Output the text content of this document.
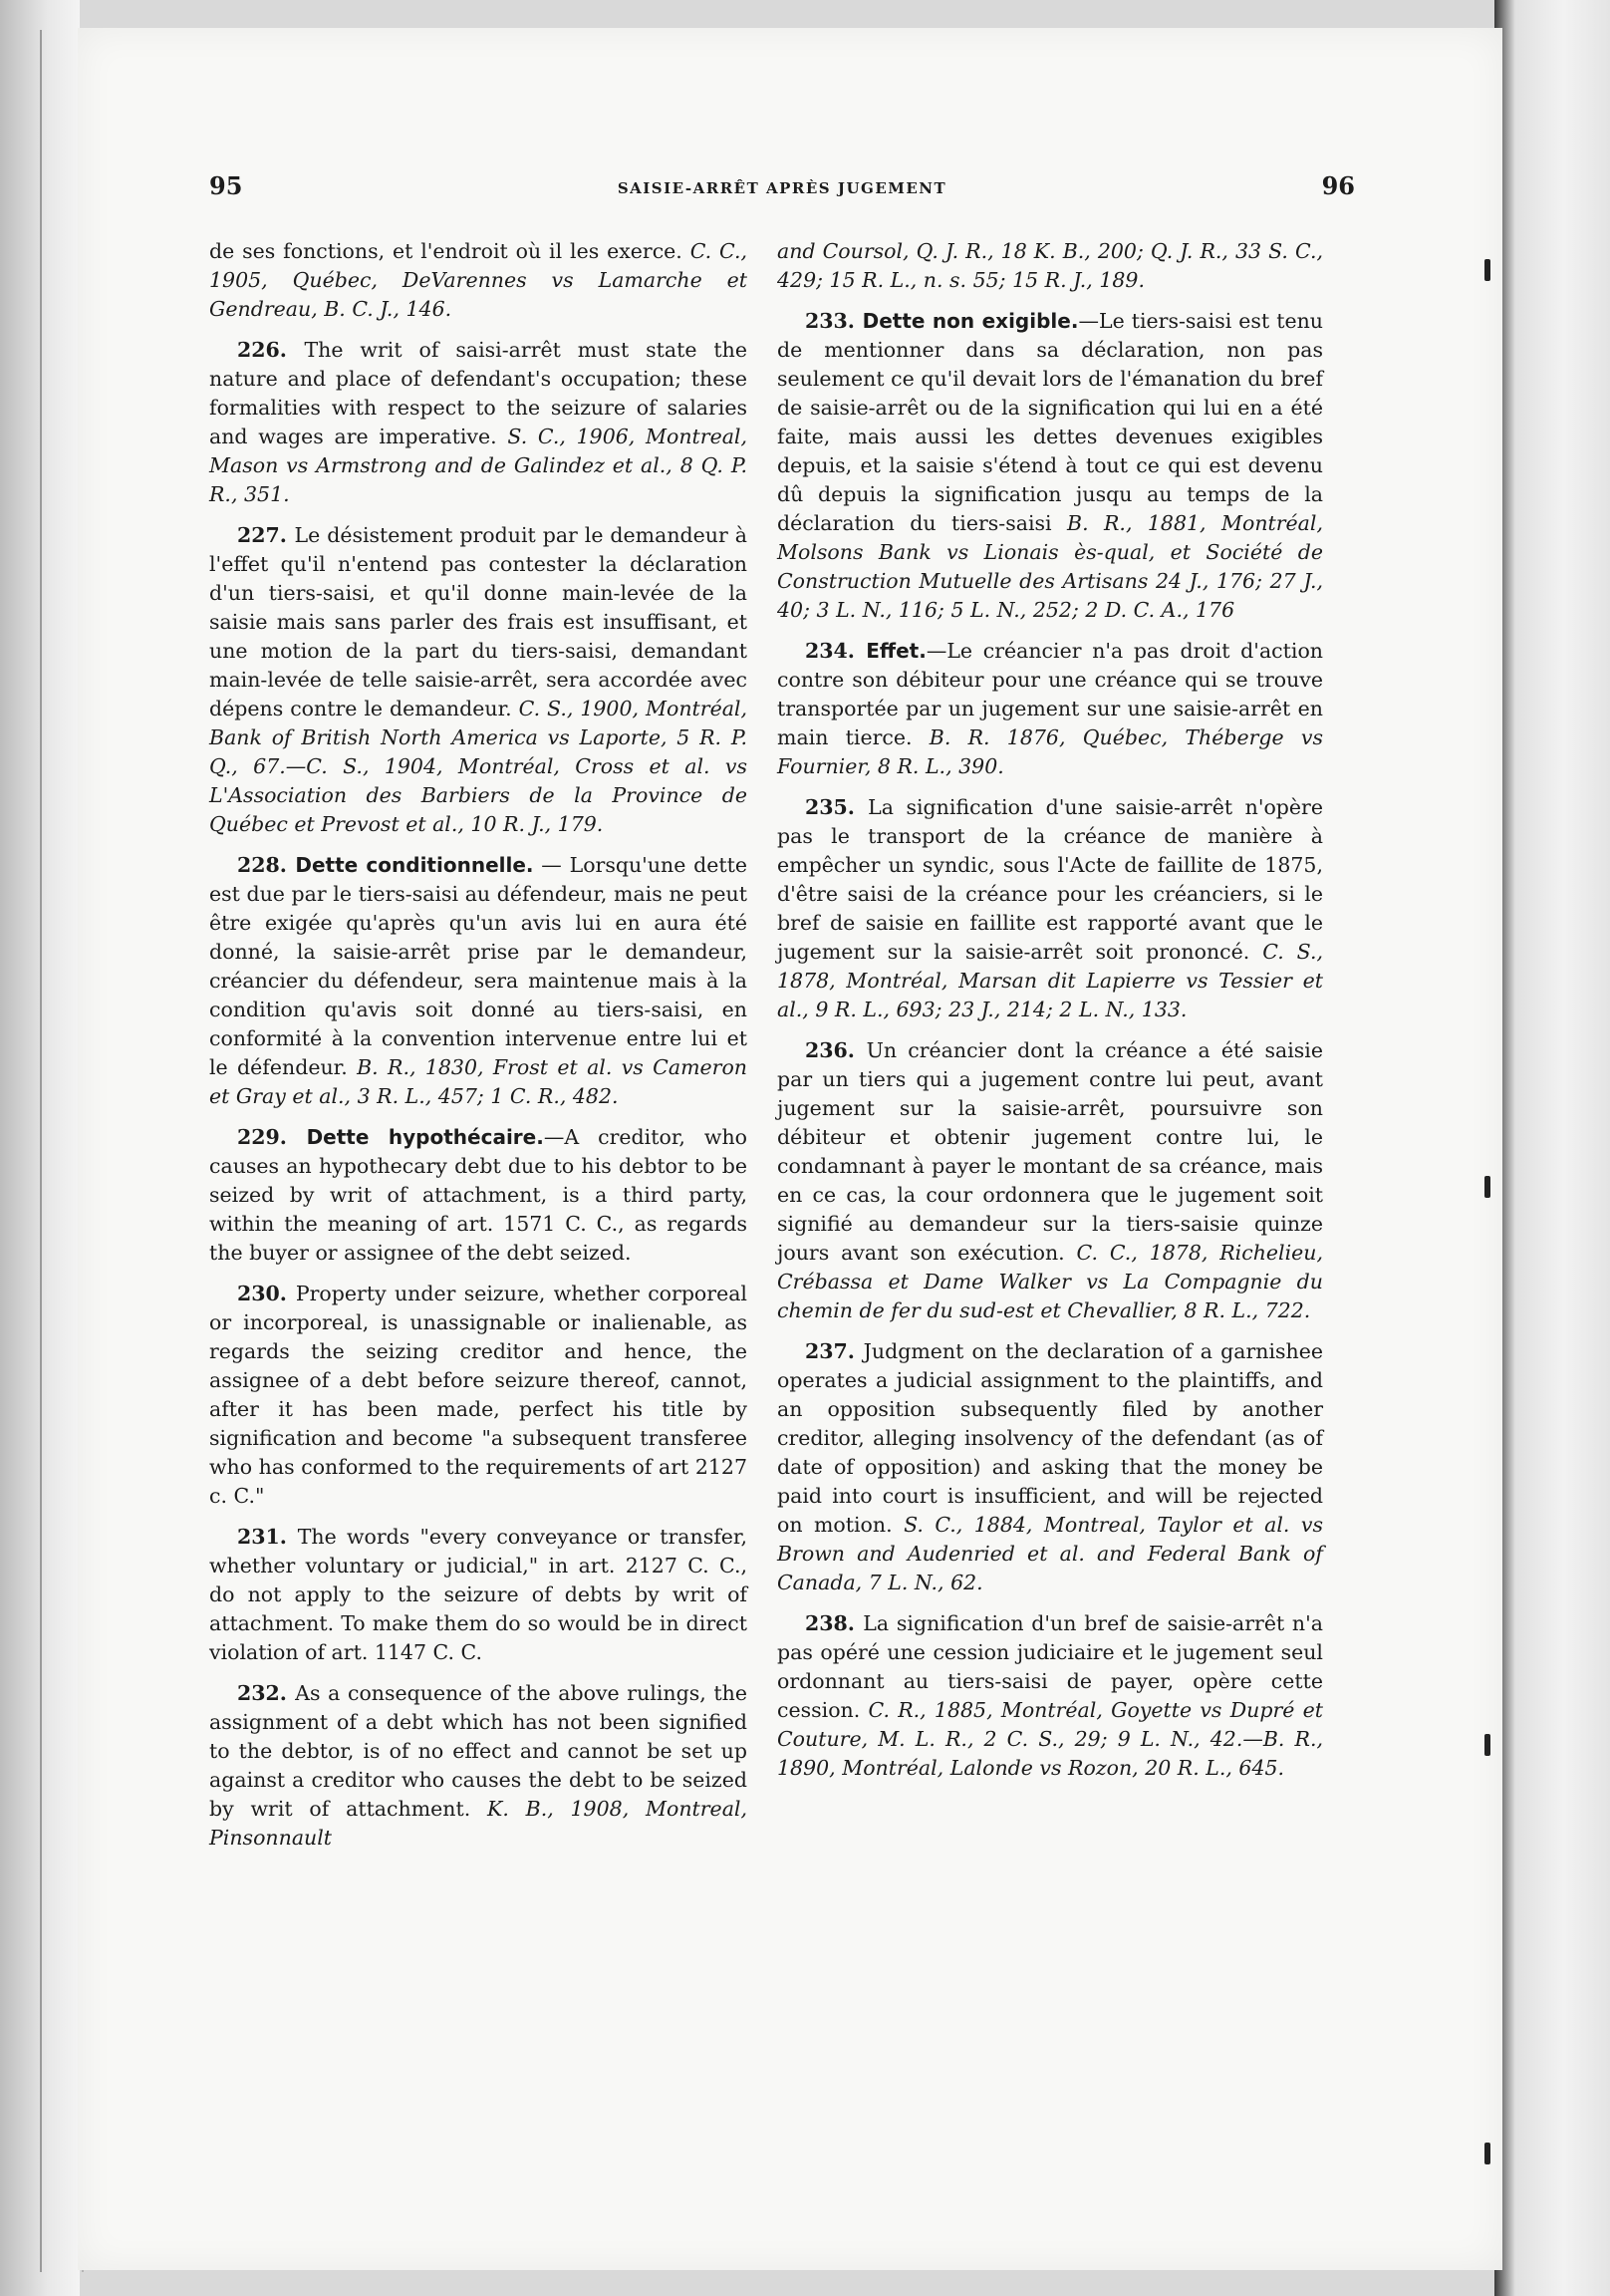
95	SAISIE-ARRÊT APRÈS JUGEMENT	96

de ses fonctions, et l'endroit où il les exerce. C. C., 1905, Québec, DeVarennes vs Lamarche et Gendreau, B. C. J., 146.

226. The writ of saisi-arrêt must state the nature and place of defendant's occupation; these formalities with respect to the seizure of salaries and wages are imperative. S. C., 1906, Montreal, Mason vs Armstrong and de Galindez et al., 8 Q. P. R., 351.

227. Le désistement produit par le demandeur à l'effet qu'il n'entend pas contester la déclaration d'un tiers-saisi, et qu'il donne main-levée de la saisie mais sans parler des frais est insuffisant, et une motion de la part du tiers-saisi, demandant main-levée de telle saisie-arrêt, sera accordée avec dépens contre le demandeur. C. S., 1900, Montréal, Bank of British North America vs Laporte, 5 R. P. Q., 67.—C. S., 1904, Montréal, Cross et al. vs L'Association des Barbiers de la Province de Québec et Prevost et al., 10 R. J., 179.

228. Dette conditionnelle. — Lorsqu'une dette est due par le tiers-saisi au défendeur, mais ne peut être exigée qu'après qu'un avis lui en aura été donné, la saisie-arrêt prise par le demandeur, créancier du défendeur, sera maintenue mais à la condition qu'avis soit donné au tiers-saisi, en conformité à la convention intervenue entre lui et le défendeur. B. R., 1830, Frost et al. vs Cameron et Gray et al., 3 R. L., 457; 1 C. R., 482.

229. Dette hypothécaire.—A creditor, who causes an hypothecary debt due to his debtor to be seized by writ of attachment, is a third party, within the meaning of art. 1571 C. C., as regards the buyer or assignee of the debt seized.

230. Property under seizure, whether corporeal or incorporeal, is unassignable or inalienable, as regards the seizing creditor and hence, the assignee of a debt before seizure thereof, cannot, after it has been made, perfect his title by signification and become "a subsequent transferee who has conformed to the requirements of art 2127 c. C."

231. The words "every conveyance or transfer, whether voluntary or judicial," in art. 2127 C. C., do not apply to the seizure of debts by writ of attachment. To make them do so would be in direct violation of art. 1147 C. C.

232. As a consequence of the above rulings, the assignment of a debt which has not been signified to the debtor, is of no effect and cannot be set up against a creditor who causes the debt to be seized by writ of attachment. K. B., 1908, Montreal, Pinsonnault

and Coursol, Q. J. R., 18 K. B., 200; Q. J. R., 33 S. C., 429; 15 R. L., n. s. 55; 15 R. J., 189.

233. Dette non exigible.—Le tiers-saisi est tenu de mentionner dans sa déclaration, non pas seulement ce qu'il devait lors de l'émanation du bref de saisie-arrêt ou de la signification qui lui en a été faite, mais aussi les dettes devenues exigibles depuis, et la saisie s'étend à tout ce qui est devenu dû depuis la signification jusqu au temps de la déclaration du tiers-saisi B. R., 1881, Montréal, Molsons Bank vs Lionais ès-qual, et Société de Construction Mutuelle des Artisans 24 J., 176; 27 J., 40; 3 L. N., 116; 5 L. N., 252; 2 D. C. A., 176

234. Effet.—Le créancier n'a pas droit d'action contre son débiteur pour une créance qui se trouve transportée par un jugement sur une saisie-arrêt en main tierce. B. R. 1876, Québec, Théberge vs Fournier, 8 R. L., 390.

235. La signification d'une saisie-arrêt n'opère pas le transport de la créance de manière à empêcher un syndic, sous l'Acte de faillite de 1875, d'être saisi de la créance pour les créanciers, si le bref de saisie en faillite est rapporté avant que le jugement sur la saisie-arrêt soit prononcé. C. S., 1878, Montréal, Marsan dit Lapierre vs Tessier et al., 9 R. L., 693; 23 J., 214; 2 L. N., 133.

236. Un créancier dont la créance a été saisie par un tiers qui a jugement contre lui peut, avant jugement sur la saisie-arrêt, poursuivre son débiteur et obtenir jugement contre lui, le condamnant à payer le montant de sa créance, mais en ce cas, la cour ordonnera que le jugement soit signifié au demandeur sur la tiers-saisie quinze jours avant son exécution. C. C., 1878, Richelieu, Crébassa et Dame Walker vs La Compagnie du chemin de fer du sud-est et Chevallier, 8 R. L., 722.

237. Judgment on the declaration of a garnishee operates a judicial assignment to the plaintiffs, and an opposition subsequently filed by another creditor, alleging insolvency of the defendant (as of date of opposition) and asking that the money be paid into court is insufficient, and will be rejected on motion. S. C., 1884, Montreal, Taylor et al. vs Brown and Audenried et al. and Federal Bank of Canada, 7 L. N., 62.

238. La signification d'un bref de saisie-arrêt n'a pas opéré une cession judiciaire et le jugement seul ordonnant au tiers-saisi de payer, opère cette cession. C. R., 1885, Montréal, Goyette vs Dupré et Couture, M. L. R., 2 C. S., 29; 9 L. N., 42.—B. R., 1890, Montréal, Lalonde vs Rozon, 20 R. L., 645.
